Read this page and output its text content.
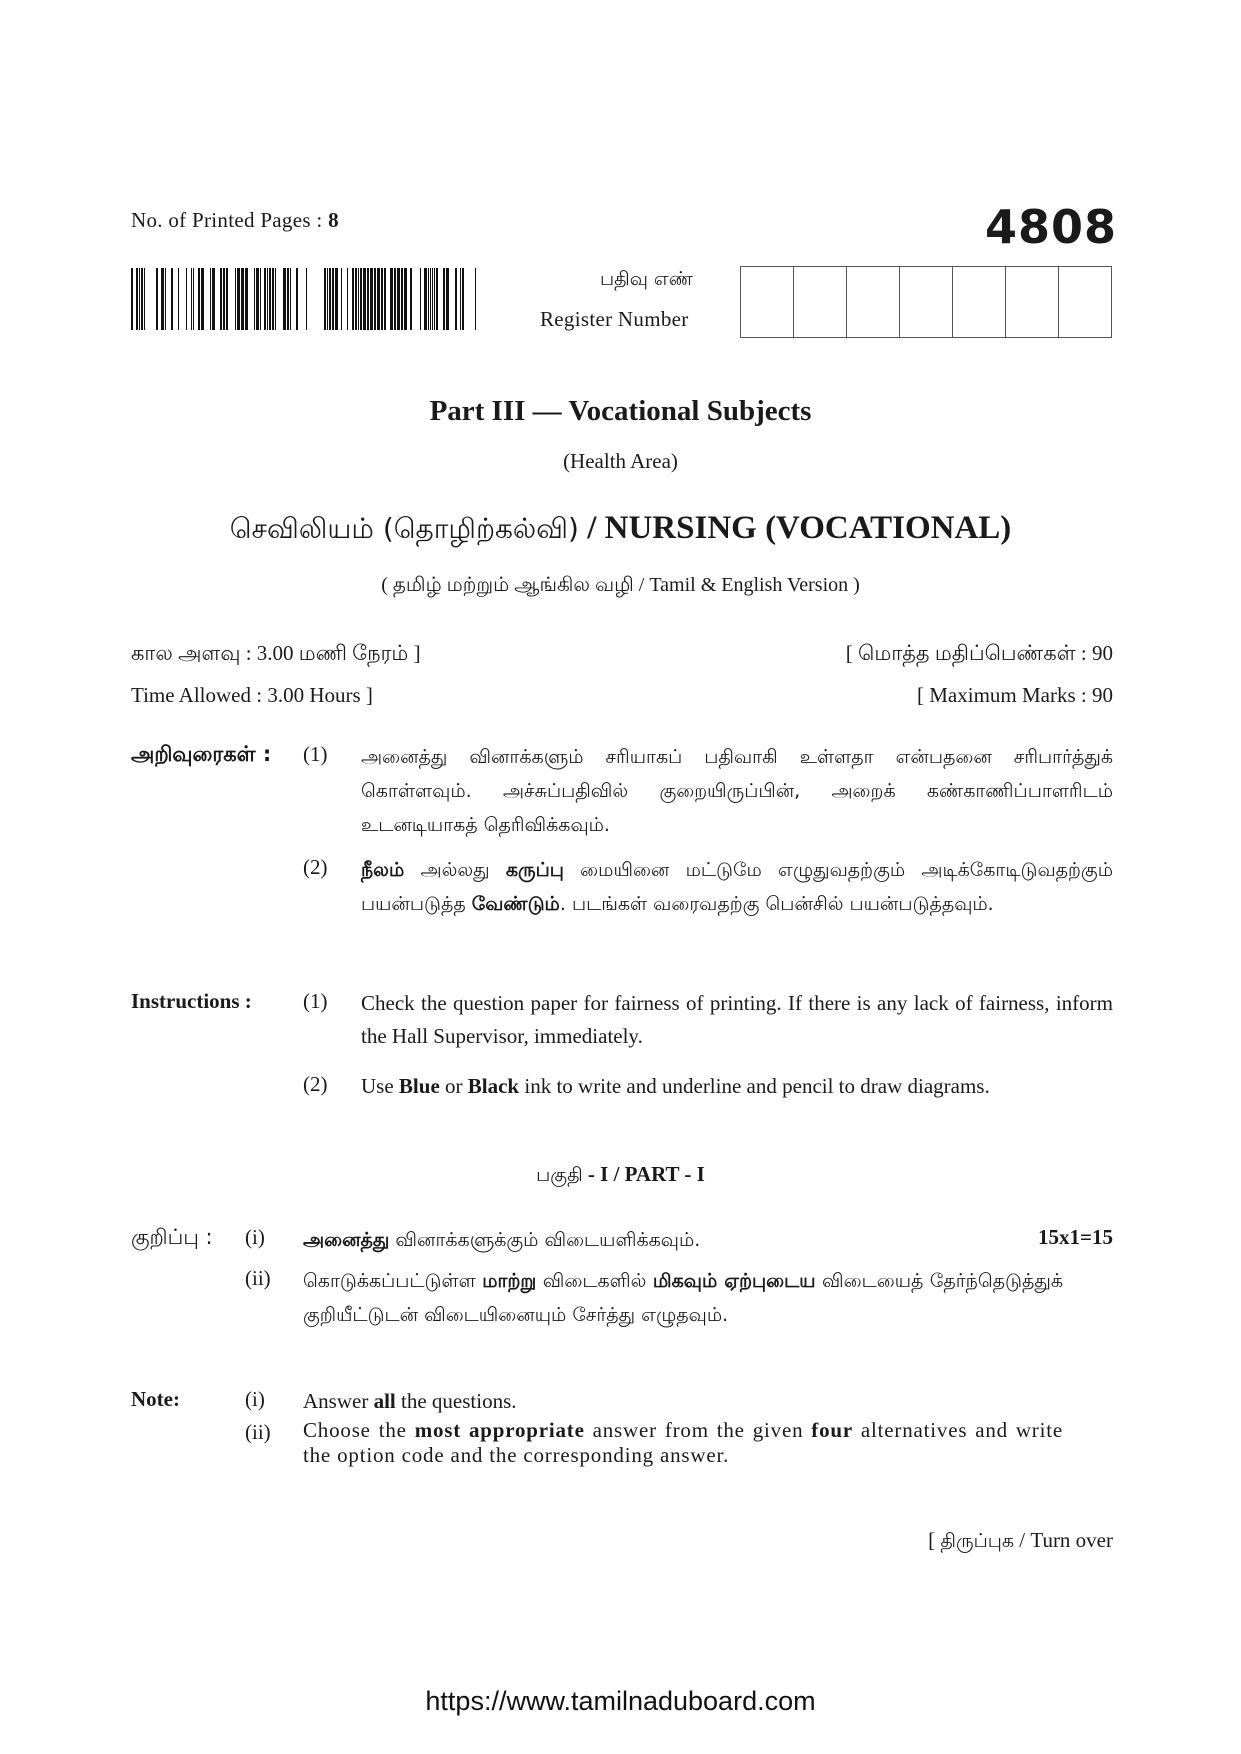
No. of Printed Pages : 8	4808
பதிவு எண்
Register Number
Part III — Vocational Subjects
(Health Area)
செவிலியம் (தொழிற்கல்வி) / NURSING (VOCATIONAL)
( தமிழ் மற்றும் ஆங்கில வழி / Tamil & English Version )
கால அளவு : 3.00 மணி நேரம் ]	[ மொத்த மதிப்பெண்கள் : 90
Time Allowed : 3.00 Hours ]	[ Maximum Marks : 90
அறிவுரைகள் : (1) அனைத்து வினாக்களும் சரியாகப் பதிவாகி உள்ளதா என்பதனை சரிபார்த்துக் கொள்ளவும். அச்சுப்பதிவில் குறையிருப்பின், அறைக் கண்காணிப்பாளரிடம் உடனடியாகத் தெரிவிக்கவும்.
(2) நீலம் அல்லது கருப்பு மையினை மட்டுமே எழுதுவதற்கும் அடிக்கோடிடுவதற்கும் பயன்படுத்த வேண்டும். படங்கள் வரைவதற்கு பென்சில் பயன்படுத்தவும்.
Instructions : (1) Check the question paper for fairness of printing. If there is any lack of fairness, inform the Hall Supervisor, immediately.
(2) Use Blue or Black ink to write and underline and pencil to draw diagrams.
பகுதி - I / PART - I
குறிப்பு : (i) அனைத்து வினாக்களுக்கும் விடையளிக்கவும்.	15x1=15
(ii) கொடுக்கப்பட்டுள்ள மாற்று விடைகளில் மிகவும் ஏற்புடைய விடையைத் தேர்ந்தெடுத்துக் குறியீட்டுடன் விடையினையும் சேர்த்து எழுதவும்.
Note:	(i) Answer all the questions.
(ii) Choose the most appropriate answer from the given four alternatives and write the option code and the corresponding answer.
[ திருப்புக / Turn over
https://www.tamilnaduboard.com
